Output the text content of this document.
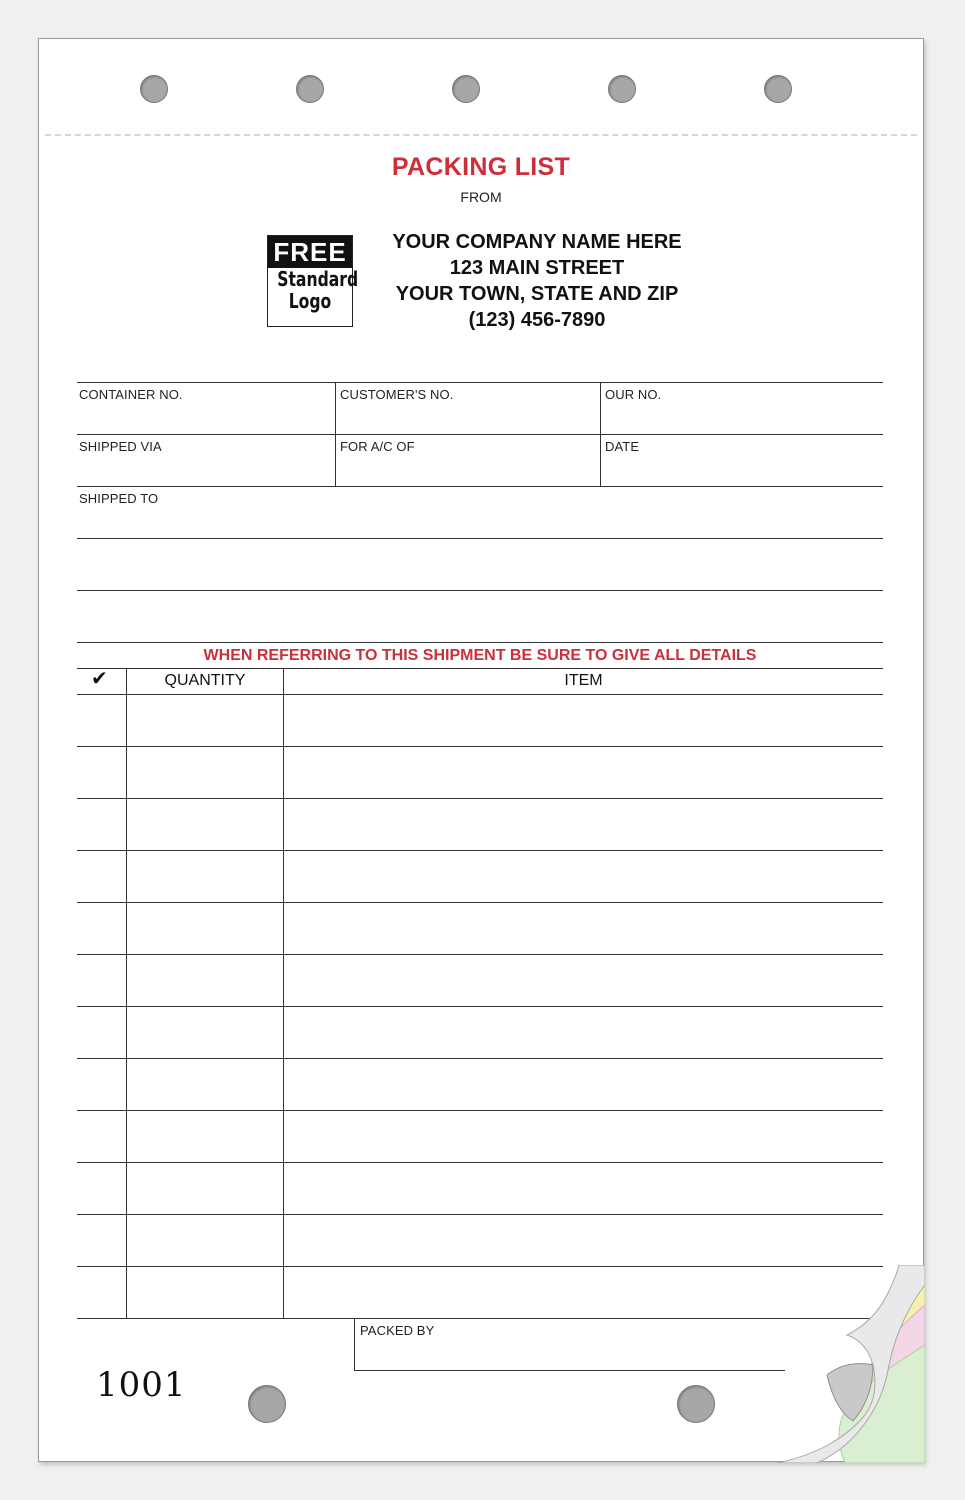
PACKING LIST
FROM
FREE
Standard
Logo
YOUR COMPANY NAME HERE
123 MAIN STREET
YOUR TOWN, STATE AND ZIP
(123) 456-7890
CONTAINER NO.	CUSTOMER'S NO.	OUR NO.
SHIPPED VIA	FOR A/C OF	DATE
SHIPPED TO
WHEN REFERRING TO THIS SHIPMENT BE SURE TO GIVE ALL DETAILS
✔	QUANTITY	ITEM
PACKED BY
1001
